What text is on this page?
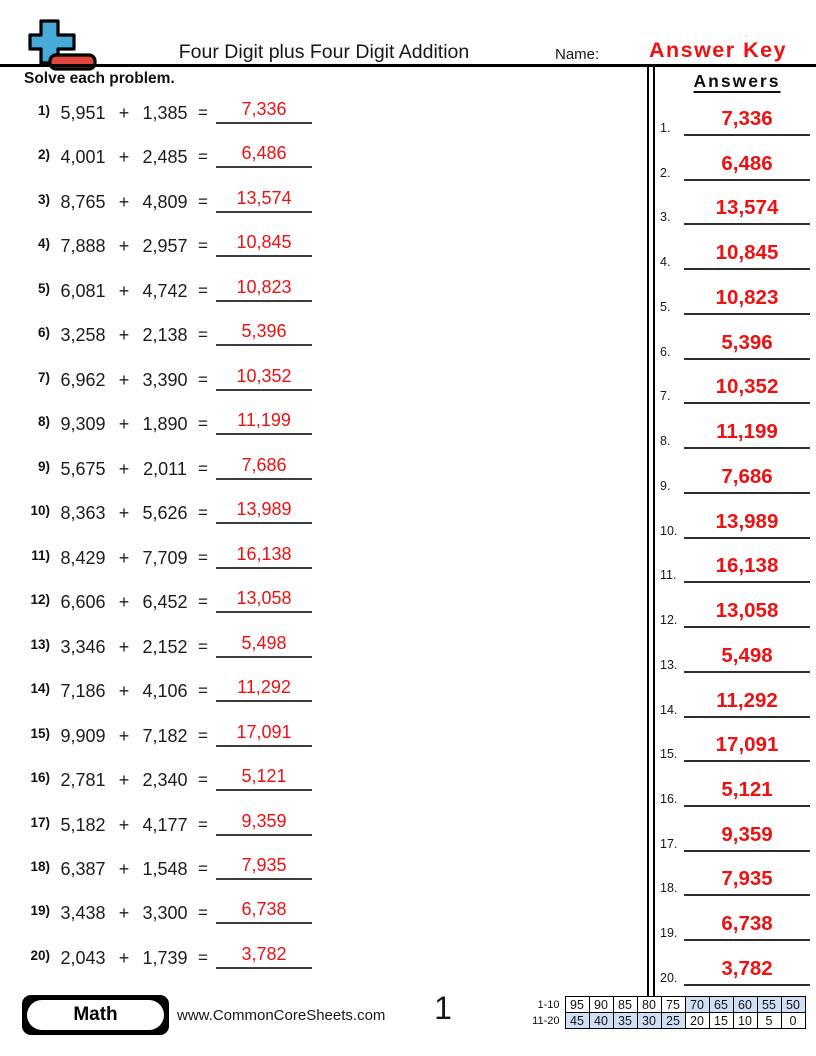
Four Digit plus Four Digit Addition	Name:	Answer Key
Solve each problem.
1) 5,951 + 1,385 =	7,336
2) 4,001 + 2,485 =	6,486
3) 8,765 + 4,809 =	13,574
4) 7,888 + 2,957 =	10,845
5) 6,081 + 4,742 =	10,823
6) 3,258 + 2,138 =	5,396
7) 6,962 + 3,390 =	10,352
8) 9,309 + 1,890 =	11,199
9) 5,675 + 2,011 =	7,686
10) 8,363 + 5,626 =	13,989
11) 8,429 + 7,709 =	16,138
12) 6,606 + 6,452 =	13,058
13) 3,346 + 2,152 =	5,498
14) 7,186 + 4,106 =	11,292
15) 9,909 + 7,182 =	17,091
16) 2,781 + 2,340 =	5,121
17) 5,182 + 4,177 =	9,359
18) 6,387 + 1,548 =	7,935
19) 3,438 + 3,300 =	6,738
20) 2,043 + 1,739 =	3,782
Answers
1.	7,336
2.	6,486
3.	13,574
4.	10,845
5.	10,823
6.	5,396
7.	10,352
8.	11,199
9.	7,686
10.	13,989
11.	16,138
12.	13,058
13.	5,498
14.	11,292
15.	17,091
16.	5,121
17.	9,359
18.	7,935
19.	6,738
20.	3,782
Math	www.CommonCoreSheets.com	1	1-10	95	90	85	80	75	70	65	60	55	50
11-20	45	40	35	30	25	20	15	10	5	0
